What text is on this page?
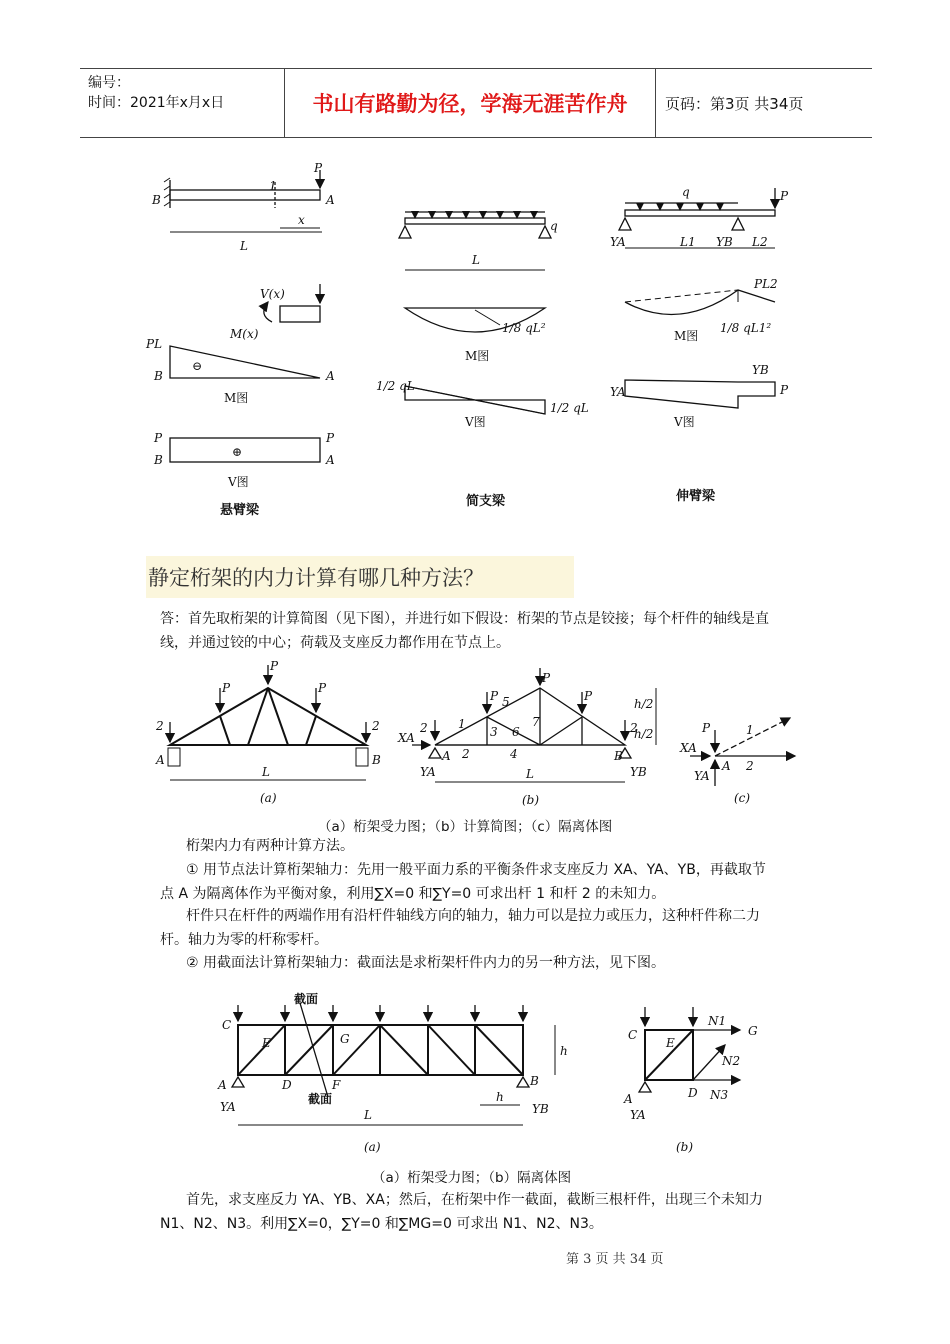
编号：
时间：2021年x月x日	书山有路勤为径，学海无涯苦作舟	页码：第3页 共34页
P
B	A
L
x
1
V(x)
M(x)
PL
B	A
⊖
M图
P
B
P
A
⊕
V图
悬臂梁
q
L
1/8 qL²
M图
1/2 qL
1/2 qL
V图
简支梁
q	P
YA	YB
L1	L2
PL2
1/8 qL1²
M图
YA
YB
P
V图
伸臂梁
静定桁架的内力计算有哪几种方法？
答：首先取桁架的计算简图（见下图），并进行如下假设：桁架的节点是铰接；每个杆件的轴线是直线，并通过铰的中心；荷载及支座反力都作用在节点上。
P
P
P
2	2
A	B
L
(a)
P
P
P
2	2
XA
YA	YB
A	B
1
2
3
4
5
6
7
h/2
h/2
L
(b)
P
XA
YA
A
1
2
(c)
（a）桁架受力图；（b）计算简图；（c）隔离体图
桁架内力有两种计算方法。
① 用节点法计算桁架轴力：先用一般平面力系的平衡条件求支座反力 XA、YA、YB，再截取节点 A 为隔离体作为平衡对象，利用∑X=0 和∑Y=0 可求出杆 1 和杆 2 的未知力。
杆件只在杆件的两端作用有沿杆件轴线方向的轴力，轴力可以是拉力或压力，这种杆件称二力杆。轴力为零的杆称零杆。
② 用截面法计算桁架轴力：截面法是求桁架杆件内力的另一种方法，见下图。
C
E	G
D	F
A	B
截面
截面
YA	YB
h
h
L
(a)
C
E
G
D
A
N1
N2
N3
YA
(b)
（a）桁架受力图；（b）隔离体图
首先，求支座反力 YA、YB、XA；然后，在桁架中作一截面，截断三根杆件，出现三个未知力 N1、N2、N3。利用∑X=0，∑Y=0 和∑MG=0 可求出 N1、N2、N3。
第 3 页 共 34 页
